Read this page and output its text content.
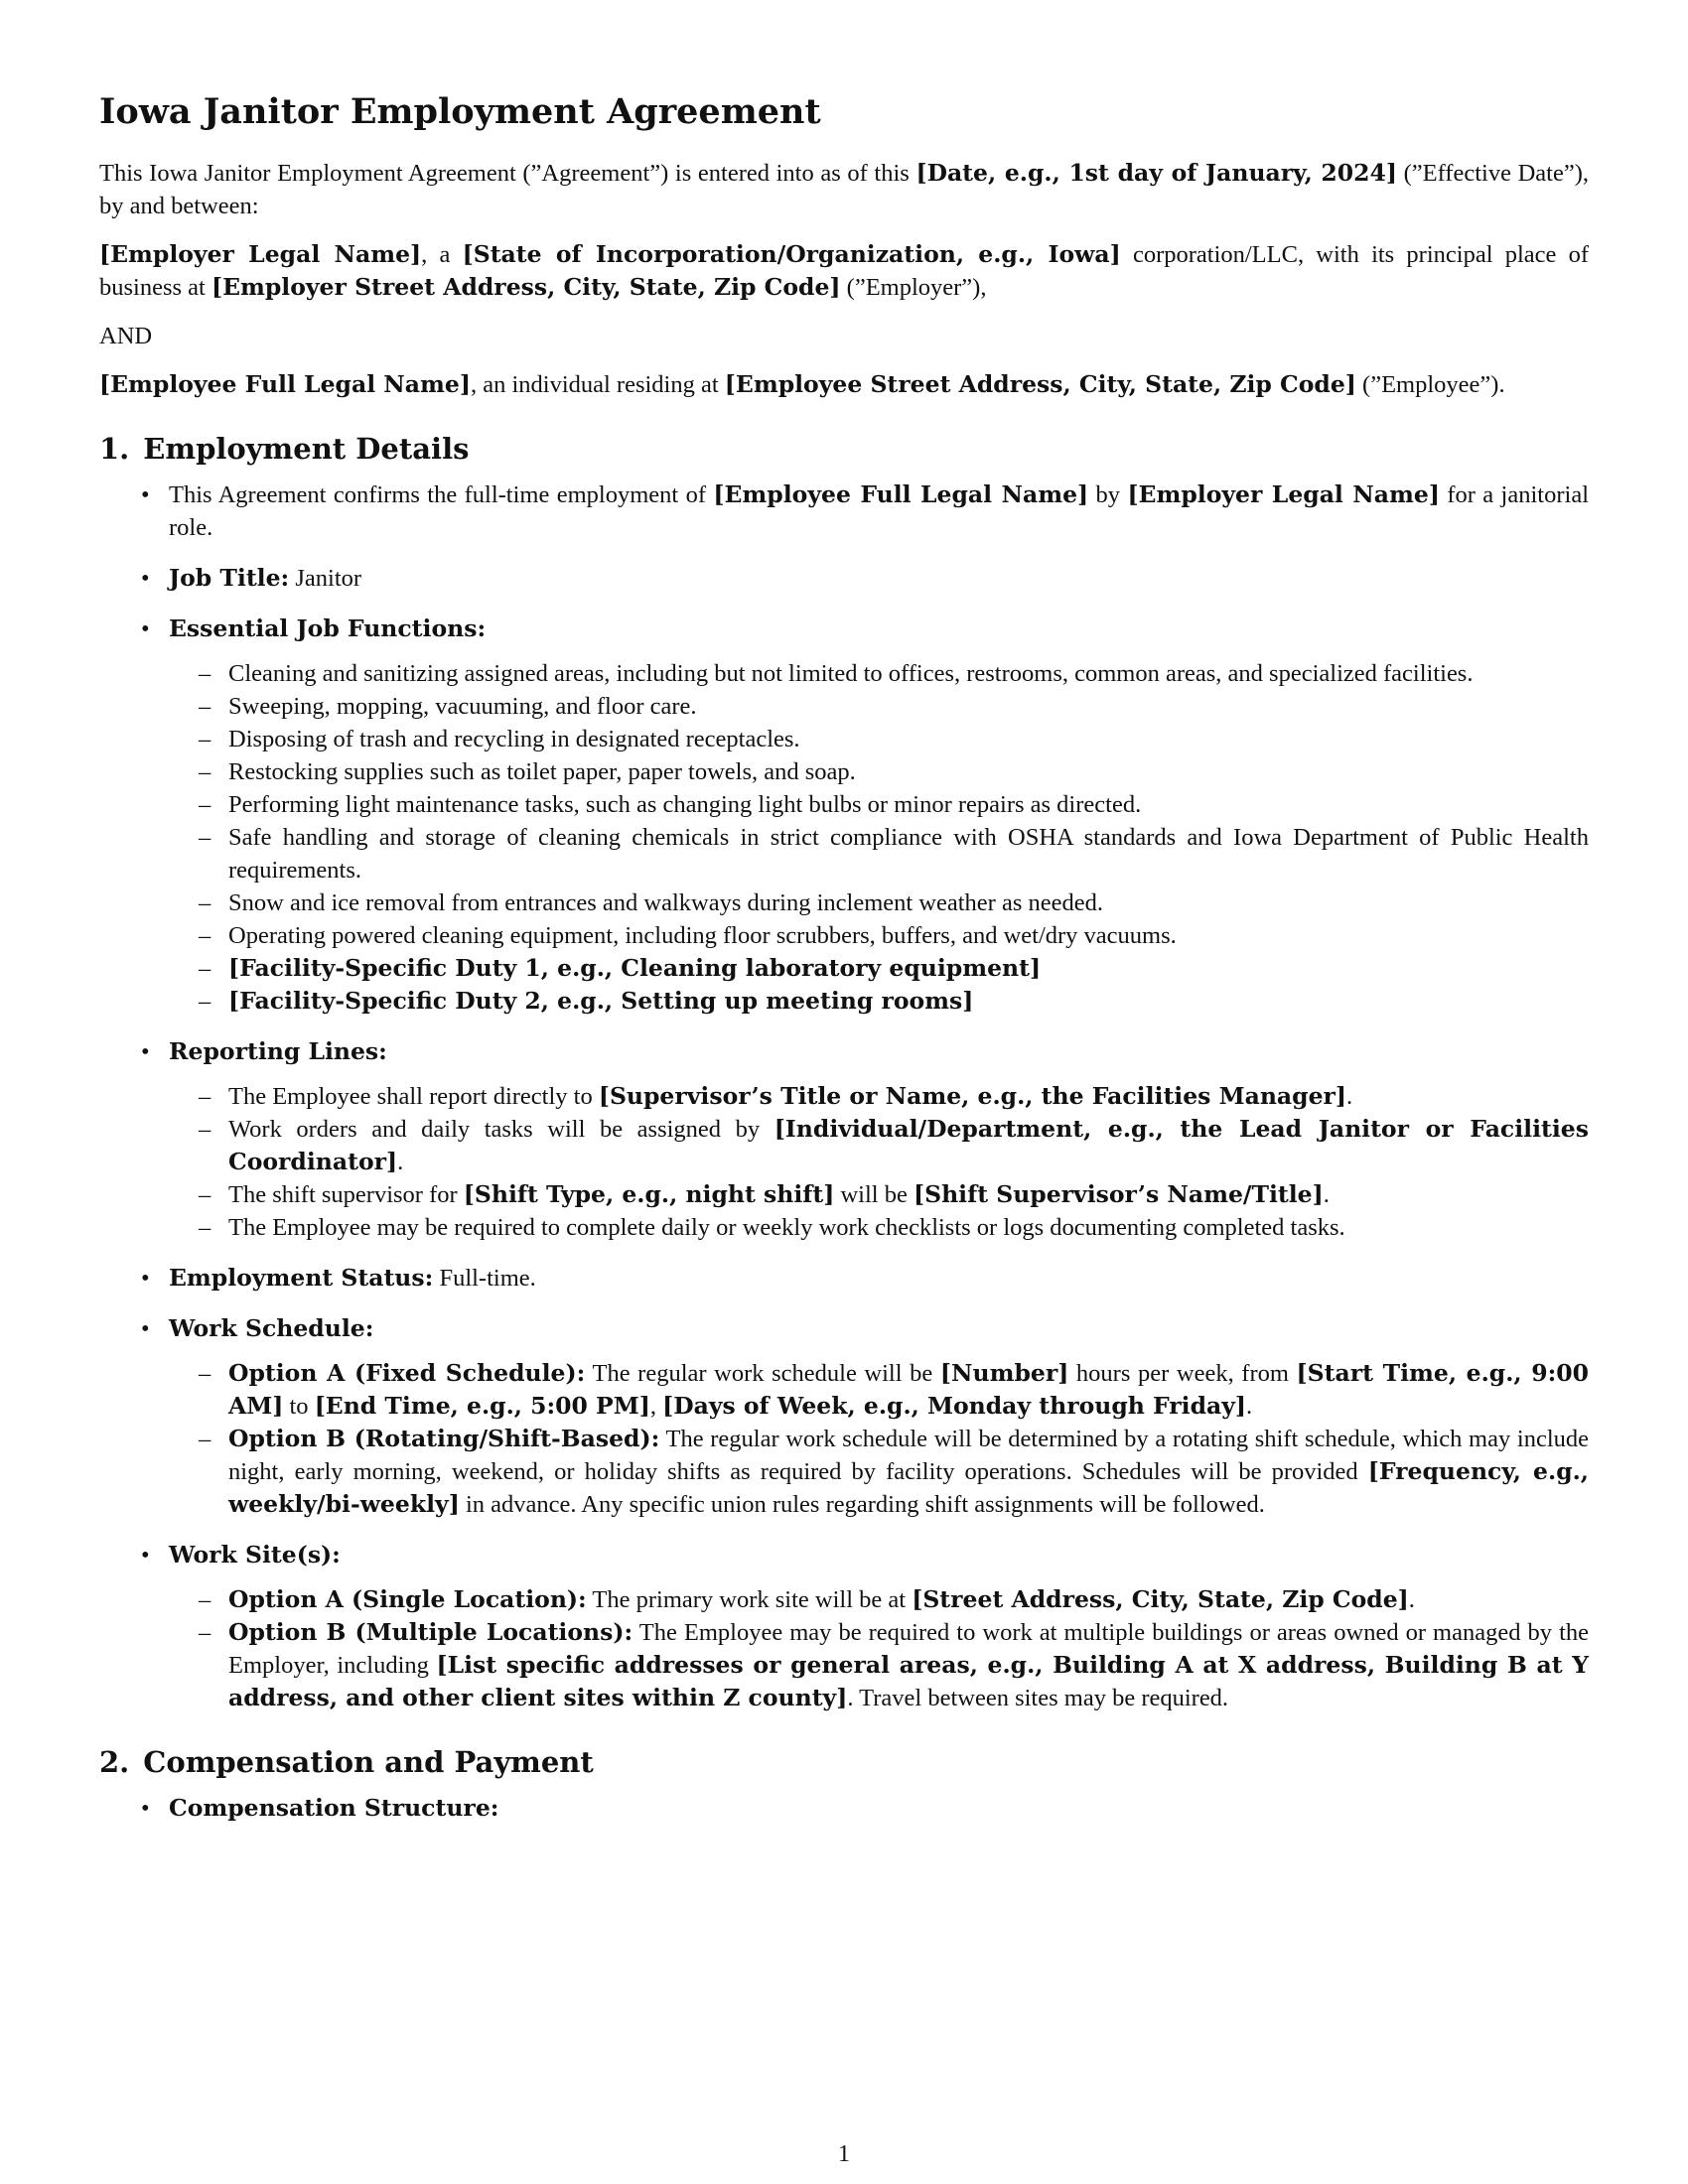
Iowa Janitor Employment Agreement

This Iowa Janitor Employment Agreement (”Agreement”) is entered into as of this [Date, e.g., 1st day of January, 2024] (”Effective Date”), by and between:

[Employer Legal Name], a [State of Incorporation/Organization, e.g., Iowa] corporation/LLC, with its principal place of business at [Employer Street Address, City, State, Zip Code] (”Employer”),

AND

[Employee Full Legal Name], an individual residing at [Employee Street Address, City, State, Zip Code] (”Employee”).

1. Employment Details
• This Agreement confirms the full-time employment of [Employee Full Legal Name] by [Employer Legal Name] for a janitorial role.
• Job Title: Janitor
• Essential Job Functions:
– Cleaning and sanitizing assigned areas, including but not limited to offices, restrooms, common areas, and specialized facilities.
– Sweeping, mopping, vacuuming, and floor care.
– Disposing of trash and recycling in designated receptacles.
– Restocking supplies such as toilet paper, paper towels, and soap.
– Performing light maintenance tasks, such as changing light bulbs or minor repairs as directed.
– Safe handling and storage of cleaning chemicals in strict compliance with OSHA standards and Iowa Department of Public Health requirements.
– Snow and ice removal from entrances and walkways during inclement weather as needed.
– Operating powered cleaning equipment, including floor scrubbers, buffers, and wet/dry vacuums.
– [Facility-Specific Duty 1, e.g., Cleaning laboratory equipment]
– [Facility-Specific Duty 2, e.g., Setting up meeting rooms]
• Reporting Lines:
– The Employee shall report directly to [Supervisor’s Title or Name, e.g., the Facilities Manager].
– Work orders and daily tasks will be assigned by [Individual/Department, e.g., the Lead Janitor or Facilities Coordinator].
– The shift supervisor for [Shift Type, e.g., night shift] will be [Shift Supervisor’s Name/Title].
– The Employee may be required to complete daily or weekly work checklists or logs documenting completed tasks.
• Employment Status: Full-time.
• Work Schedule:
– Option A (Fixed Schedule): The regular work schedule will be [Number] hours per week, from [Start Time, e.g., 9:00 AM] to [End Time, e.g., 5:00 PM], [Days of Week, e.g., Monday through Friday].
– Option B (Rotating/Shift-Based): The regular work schedule will be determined by a rotating shift schedule, which may include night, early morning, weekend, or holiday shifts as required by facility operations. Schedules will be provided [Frequency, e.g., weekly/bi-weekly] in advance. Any specific union rules regarding shift assignments will be followed.
• Work Site(s):
– Option A (Single Location): The primary work site will be at [Street Address, City, State, Zip Code].
– Option B (Multiple Locations): The Employee may be required to work at multiple buildings or areas owned or managed by the Employer, including [List specific addresses or general areas, e.g., Building A at X address, Building B at Y address, and other client sites within Z county]. Travel between sites may be required.
2. Compensation and Payment
• Compensation Structure:
1
